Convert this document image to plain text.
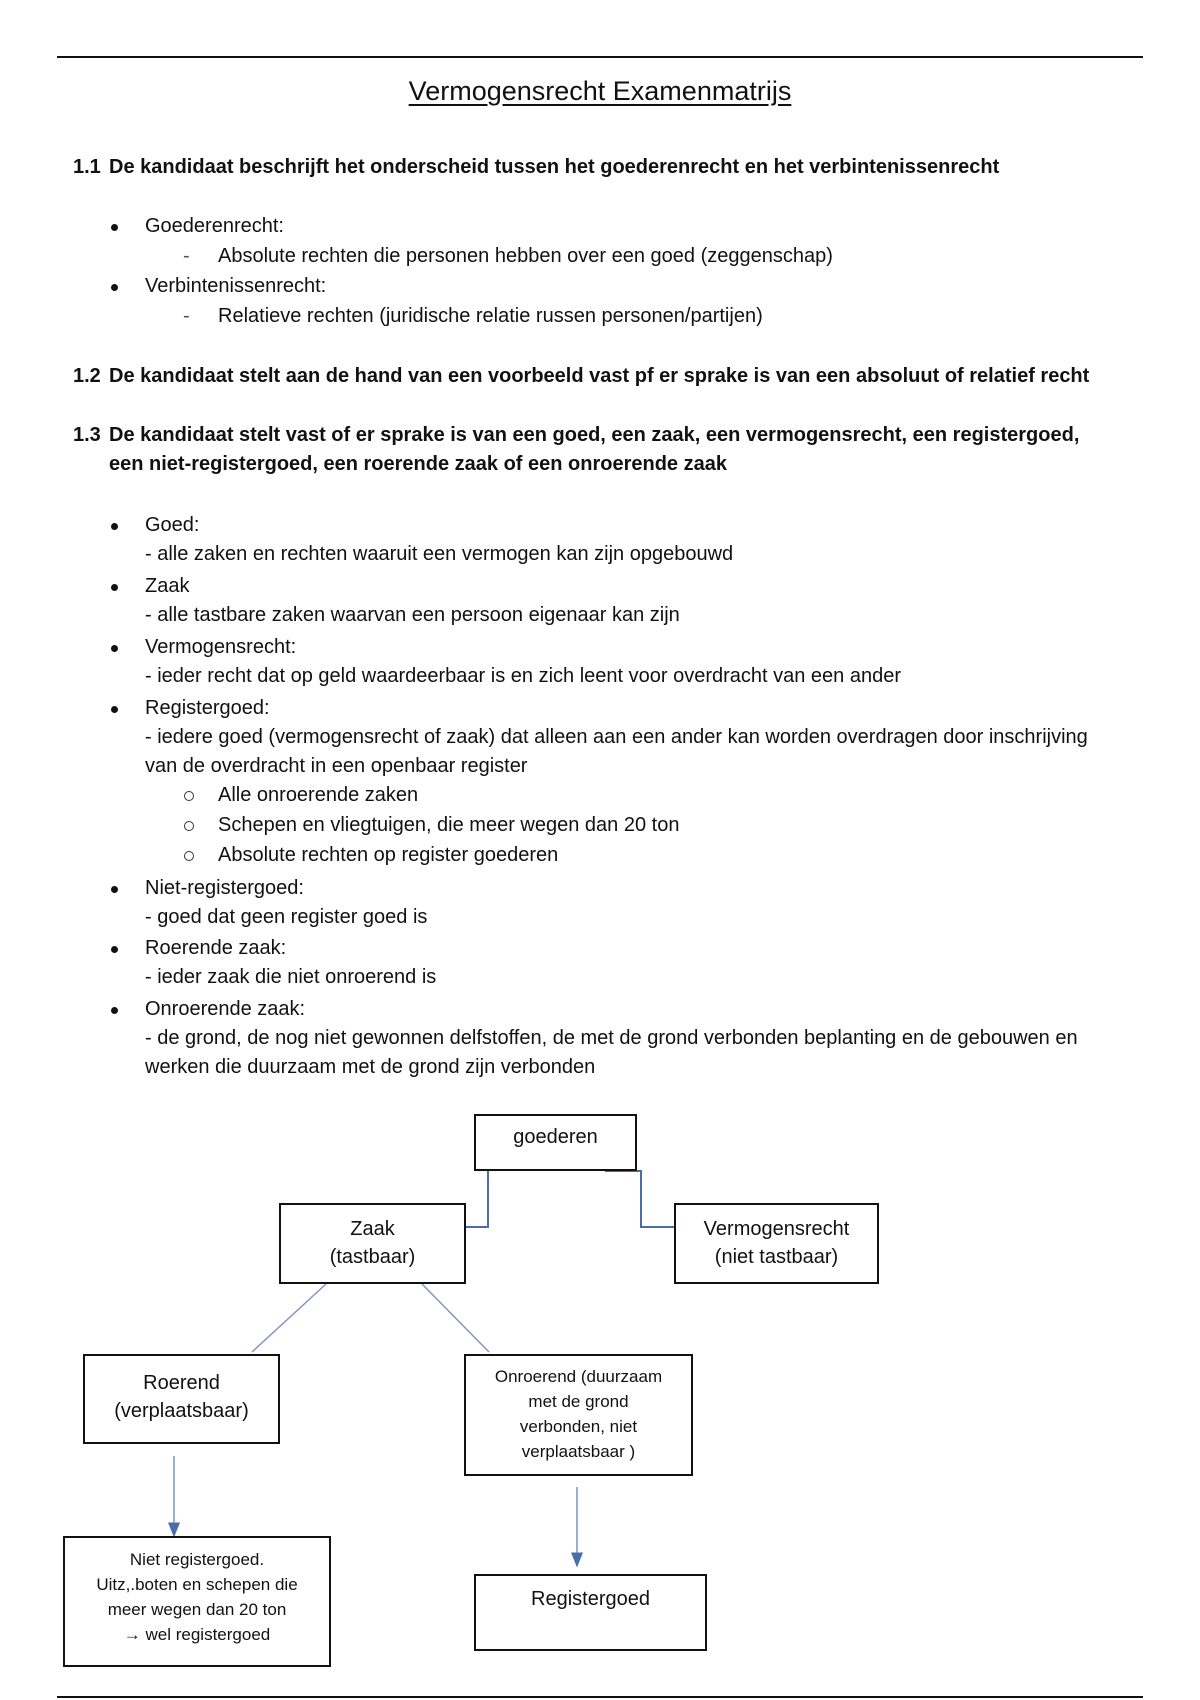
Vermogensrecht Examenmatrijs
1.1 De kandidaat beschrijft het onderscheid tussen het goederenrecht en het verbintenissenrecht
Goederenrecht:
- Absolute rechten die personen hebben over een goed (zeggenschap)
Verbintenissenrecht:
- Relatieve rechten (juridische relatie russen personen/partijen)
1.2 De kandidaat stelt aan de hand van een voorbeeld vast pf er sprake is van een absoluut of relatief recht
1.3 De kandidaat stelt vast of er sprake is van een goed, een zaak, een vermogensrecht, een registergoed, een niet-registergoed, een roerende zaak of een onroerende zaak
Goed:
- alle zaken en rechten waaruit een vermogen kan zijn opgebouwd
Zaak
- alle tastbare zaken waarvan een persoon eigenaar kan zijn
Vermogensrecht:
- ieder recht dat op geld waardeerbaar is en zich leent voor overdracht van een ander
Registergoed:
- iedere goed (vermogensrecht of zaak) dat alleen aan een ander kan worden overdragen door inschrijving van de overdracht in een openbaar register
Alle onroerende zaken
Schepen en vliegtuigen, die meer wegen dan 20 ton
Absolute rechten op register goederen
Niet-registergoed:
- goed dat geen register goed is
Roerende zaak:
- ieder zaak die niet onroerend is
Onroerende zaak:
- de grond, de nog niet gewonnen delfstoffen, de met de grond verbonden beplanting en de gebouwen en werken die duurzaam met de grond zijn verbonden
goederen
Zaak
(tastbaar)
Vermogensrecht
(niet tastbaar)
Roerend
(verplaatsbaar)
Onroerend (duurzaam
met de grond
verbonden, niet
verplaatsbaar )
Niet registergoed.
Uitz,.boten en schepen die
meer wegen dan 20 ton
→ wel registergoed
Registergoed
